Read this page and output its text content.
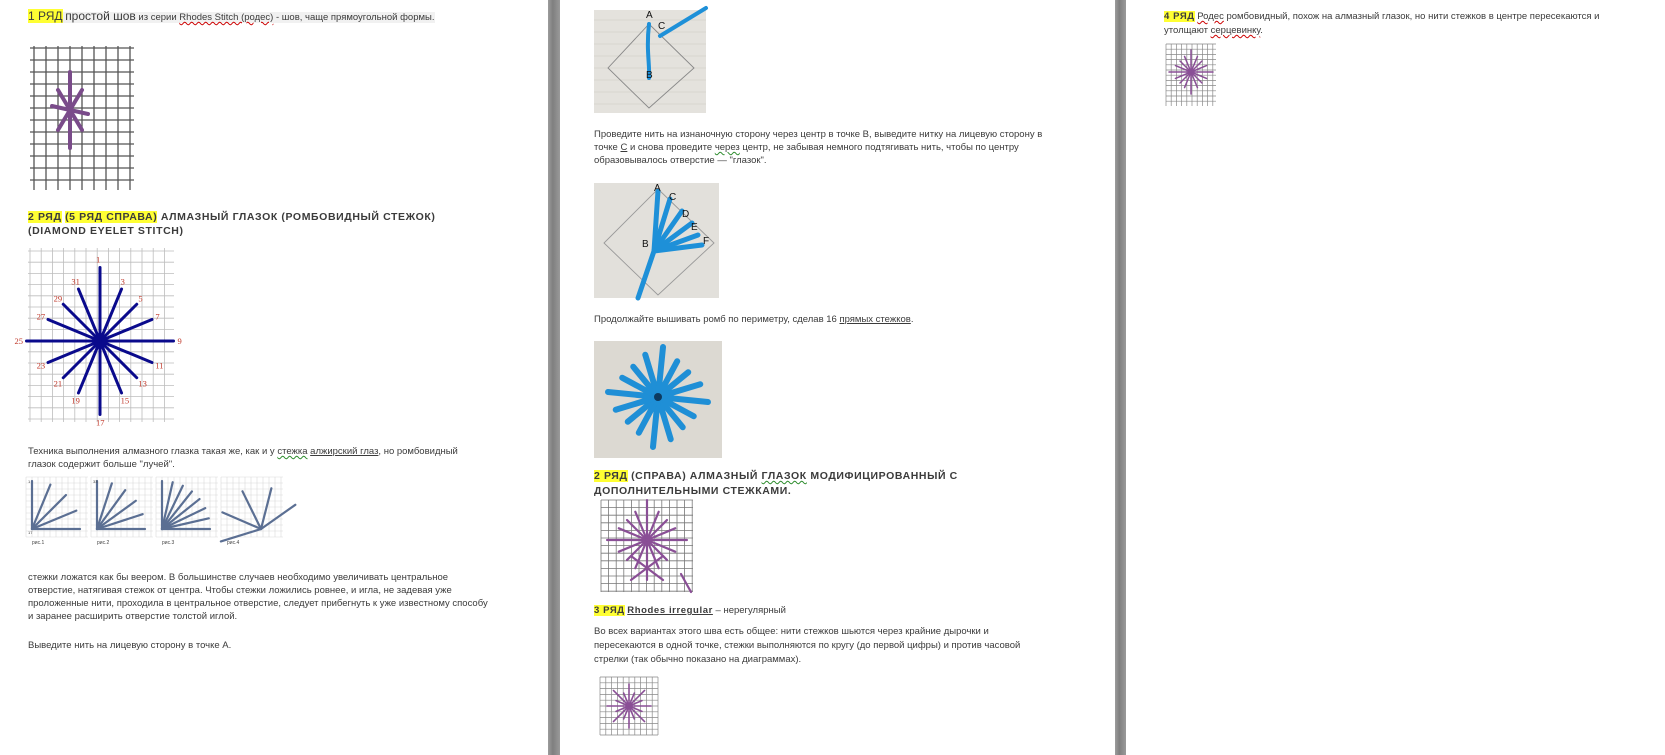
1 РЯД простой шов из серии Rhodes Stitch (родес) - шов, чаще прямоугольной формы.
2 РЯД (5 РЯД СПРАВА) АЛМАЗНЫЙ ГЛАЗОК (РОМБОВИДНЫЙ СТЕЖОК)
(DIAMOND EYELET STITCH)
1
3
5
7
9
11
13
15
17
19
21
23
25
27
29
31
Техника выполнения алмазного глазка такая же, как и у стежка алжирский глаз, но ромбовидный
глазок содержит больше "лучей".
рис.1	рис.2	рис.3	рис.4
1
17
33
стежки ложатся как бы веером. В большинстве случаев необходимо увеличивать центральное
отверстие, натягивая стежок от центра. Чтобы стежки ложились ровнее, и игла, не задевая уже
проложенные нити, проходила в центральное отверстие, следует прибегнуть к уже известному способу
и заранее расширить отверстие толстой иглой.
Выведите нить на лицевую сторону в точке А.
A
C
B
Проведите нить на изнаночную сторону через центр в точке В, выведите нитку на лицевую сторону в
точке С и снова проведите через центр, не забывая немного подтягивать нить, чтобы по центру
образовывалось отверстие — "глазок".
A
C
D
E
F
B
Продолжайте вышивать ромб по периметру, сделав 16 прямых стежков.
2 РЯД (СПРАВА) АЛМАЗНЫЙ ГЛАЗОК МОДИФИЦИРОВАННЫЙ С
ДОПОЛНИТЕЛЬНЫМИ СТЕЖКАМИ.
3 РЯД Rhodes irregular – нерегулярный
Во всех вариантах этого шва есть общее: нити стежков шьются через крайние дырочки и
пересекаются в одной точке, стежки выполняются по кругу (до первой цифры) и против часовой
стрелки (так обычно показано на диаграммах).
4 РЯД Родес ромбовидный, похож на алмазный глазок, но нити стежков в центре пересекаются и
утолщают серцевинку.
